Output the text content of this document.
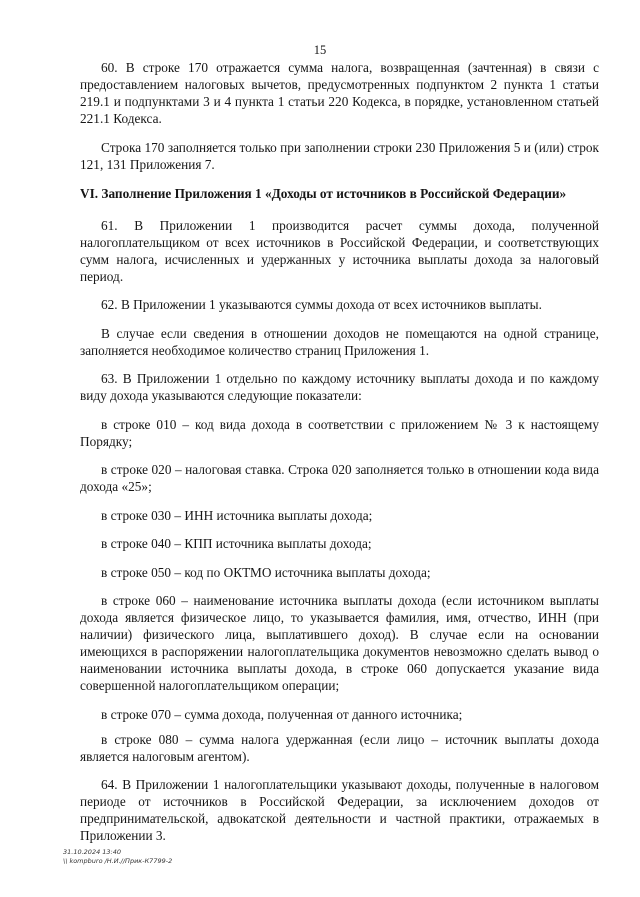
15

60. В строке 170 отражается сумма налога, возвращенная (зачтенная) в связи с предоставлением налоговых вычетов, предусмотренных подпунктом 2 пункта 1 статьи 219.1 и подпунктами 3 и 4 пункта 1 статьи 220 Кодекса, в порядке, установленном статьей 221.1 Кодекса.

Строка 170 заполняется только при заполнении строки 230 Приложения 5 и (или) строк 121, 131 Приложения 7.

VI. Заполнение Приложения 1 «Доходы от источников в Российской Федерации»

61. В Приложении 1 производится расчет суммы дохода, полученной налогоплательщиком от всех источников в Российской Федерации, и соответствующих сумм налога, исчисленных и удержанных у источника выплаты дохода за налоговый период.

62. В Приложении 1 указываются суммы дохода от всех источников выплаты.

В случае если сведения в отношении доходов не помещаются на одной странице, заполняется необходимое количество страниц Приложения 1.

63. В Приложении 1 отдельно по каждому источнику выплаты дохода и по каждому виду дохода указываются следующие показатели:

в строке 010 – код вида дохода в соответствии с приложением № 3 к настоящему Порядку;

в строке 020 – налоговая ставка. Строка 020 заполняется только в отношении кода вида дохода «25»;

в строке 030 – ИНН источника выплаты дохода;

в строке 040 – КПП источника выплаты дохода;

в строке 050 – код по ОКТМО источника выплаты дохода;

в строке 060 – наименование источника выплаты дохода (если источником выплаты дохода является физическое лицо, то указывается фамилия, имя, отчество, ИНН (при наличии) физического лица, выплатившего доход). В случае если на основании имеющихся в распоряжении налогоплательщика документов невозможно сделать вывод о наименовании источника выплаты дохода, в строке 060 допускается указание вида совершенной налогоплательщиком операции;

в строке 070 – сумма дохода, полученная от данного источника;

в строке 080 – сумма налога удержанная (если лицо – источник выплаты дохода является налоговым агентом).

64. В Приложении 1 налогоплательщики указывают доходы, полученные в налоговом периоде от источников в Российской Федерации, за исключением доходов от предпринимательской, адвокатской деятельности и частной практики, отражаемых в Приложении 3.

31.10.2024 13:40
\\ kompburo /Н.И.//Прик-К7799-2
